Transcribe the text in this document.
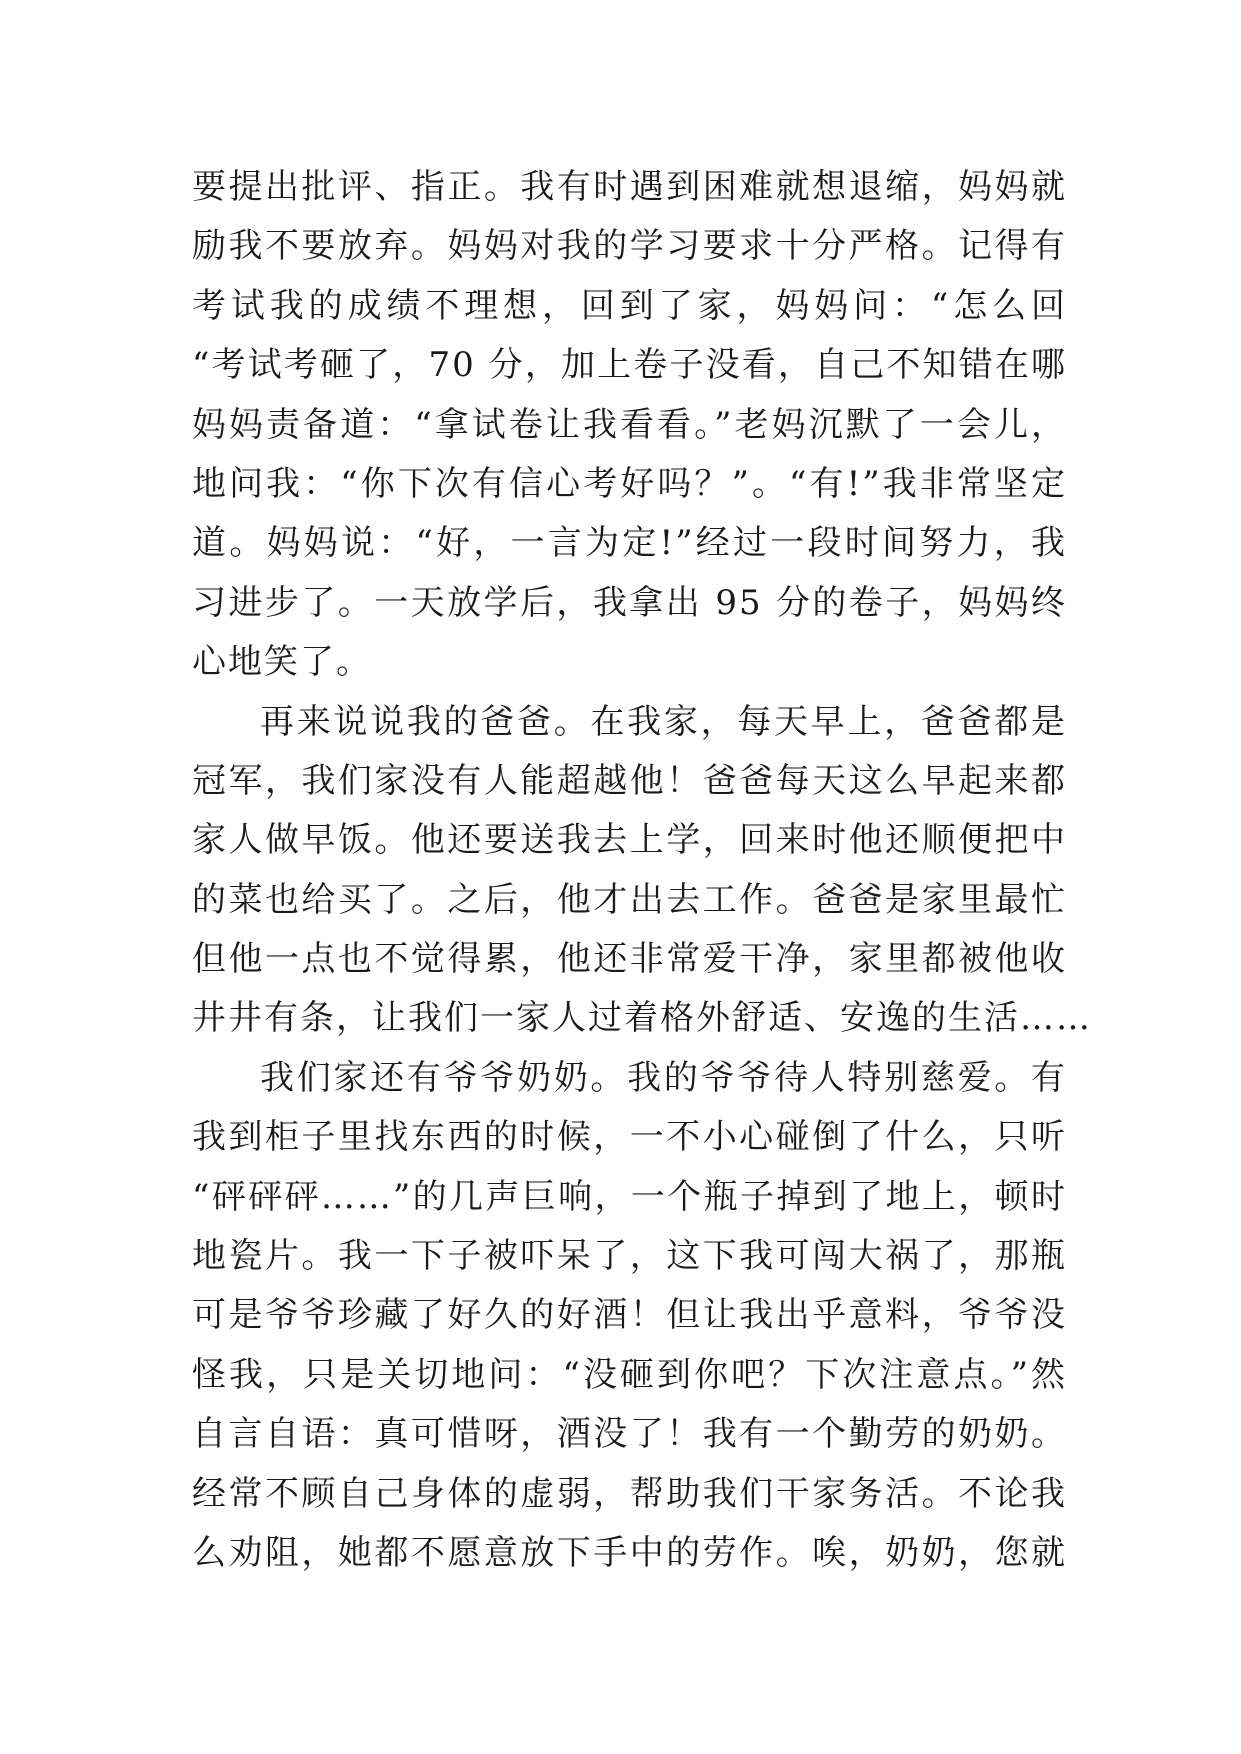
要提出批评、指正。我有时遇到困难就想退缩，妈妈就
励我不要放弃。妈妈对我的学习要求十分严格。记得有
考试我的成绩不理想，回到了家，妈妈问：“怎么回
“考试考砸了，70 分，加上卷子没看，自己不知错在哪
妈妈责备道：“拿试卷让我看看。”老妈沉默了一会儿，
地问我：“你下次有信心考好吗？”。“有!”我非常坚定
道。妈妈说：“好，一言为定!”经过一段时间努力，我
习进步了。一天放学后，我拿出 95 分的卷子，妈妈终
心地笑了。
再来说说我的爸爸。在我家，每天早上，爸爸都是
冠军，我们家没有人能超越他！爸爸每天这么早起来都
家人做早饭。他还要送我去上学，回来时他还顺便把中
的菜也给买了。之后，他才出去工作。爸爸是家里最忙
但他一点也不觉得累，他还非常爱干净，家里都被他收
井井有条，让我们一家人过着格外舒适、安逸的生活……
我们家还有爷爷奶奶。我的爷爷待人特别慈爱。有
我到柜子里找东西的时候，一不小心碰倒了什么，只听
“砰砰砰……”的几声巨响，一个瓶子掉到了地上，顿时
地瓷片。我一下子被吓呆了，这下我可闯大祸了，那瓶
可是爷爷珍藏了好久的好酒！但让我出乎意料，爷爷没
怪我，只是关切地问：“没砸到你吧？下次注意点。”然
自言自语：真可惜呀，酒没了！我有一个勤劳的奶奶。
经常不顾自己身体的虚弱，帮助我们干家务活。不论我
么劝阻，她都不愿意放下手中的劳作。唉，奶奶，您就
